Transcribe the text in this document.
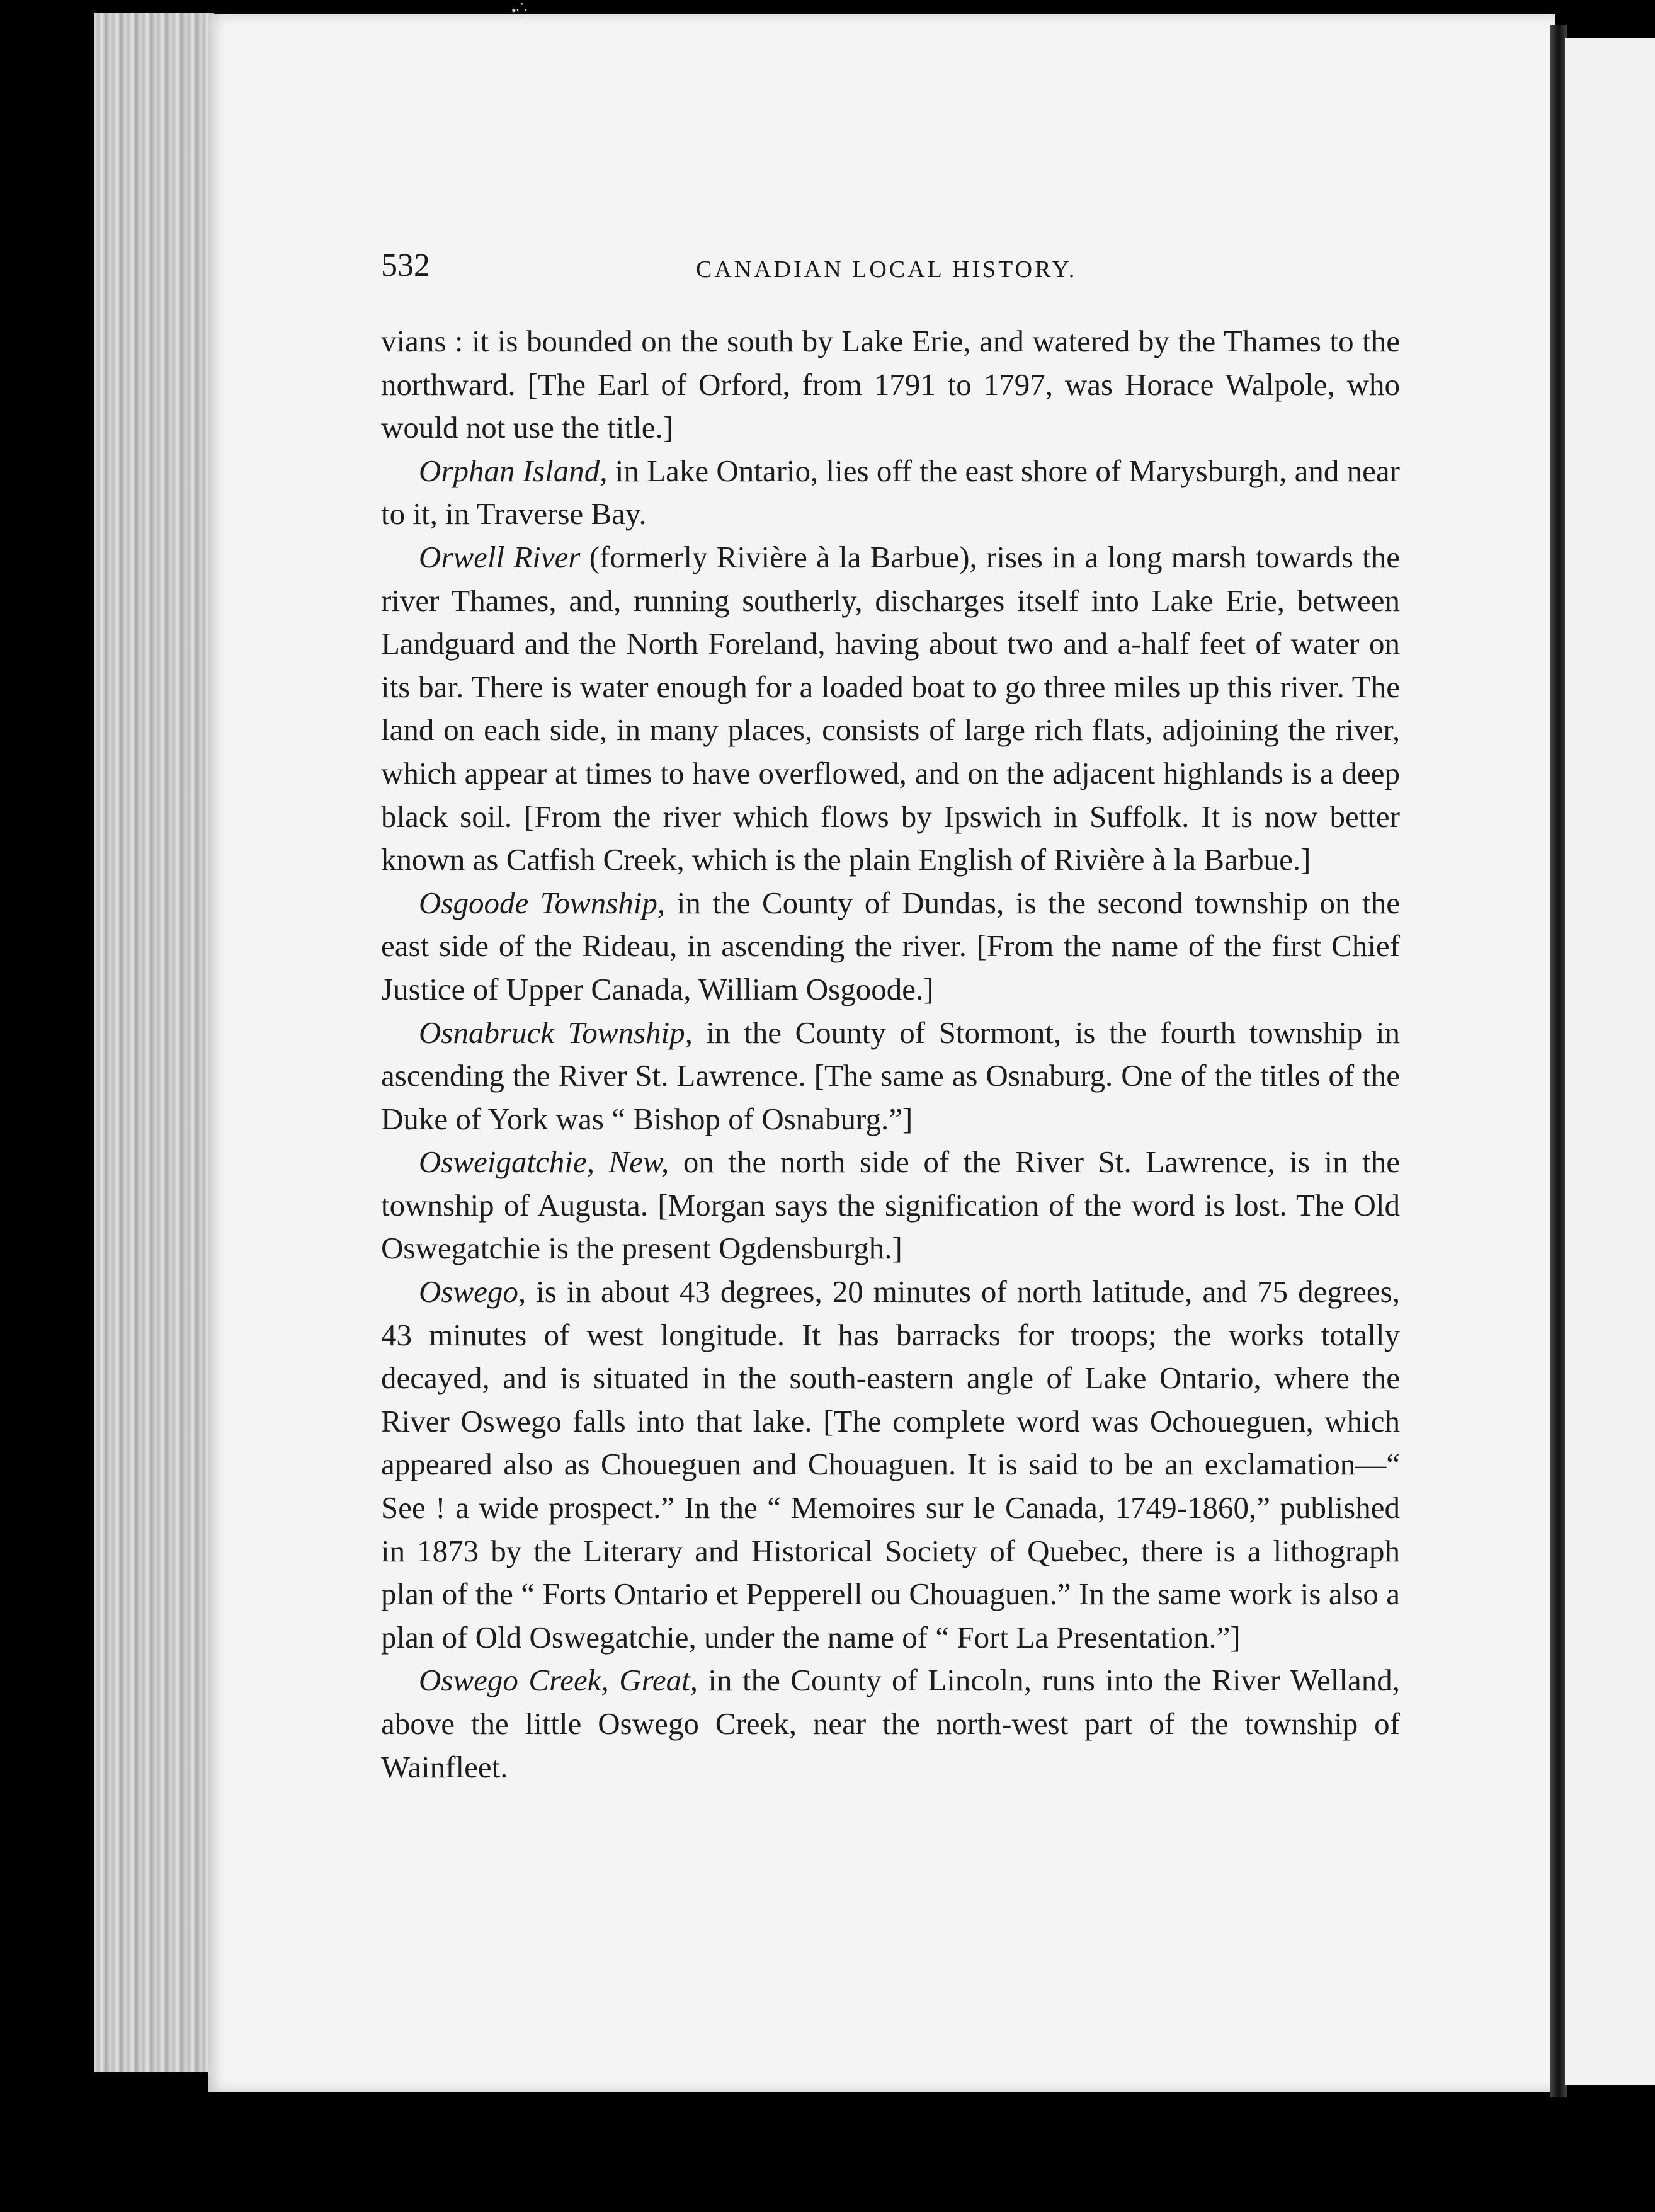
•⁛
532	CANADIAN LOCAL HISTORY.

vians : it is bounded on the south by Lake Erie, and watered by the Thames to the northward. [The Earl of Orford, from 1791 to 1797, was Horace Walpole, who would not use the title.]

Orphan Island, in Lake Ontario, lies off the east shore of Marysburgh, and near to it, in Traverse Bay.

Orwell River (formerly Rivière à la Barbue), rises in a long marsh towards the river Thames, and, running southerly, discharges itself into Lake Erie, between Landguard and the North Foreland, having about two and a-half feet of water on its bar. There is water enough for a loaded boat to go three miles up this river. The land on each side, in many places, consists of large rich flats, adjoining the river, which appear at times to have overflowed, and on the adjacent highlands is a deep black soil. [From the river which flows by Ipswich in Suffolk. It is now better known as Catfish Creek, which is the plain English of Rivière à la Barbue.]

Osgoode Township, in the County of Dundas, is the second township on the east side of the Rideau, in ascending the river. [From the name of the first Chief Justice of Upper Canada, William Osgoode.]

Osnabruck Township, in the County of Stormont, is the fourth township in ascending the River St. Lawrence. [The same as Osnaburg. One of the titles of the Duke of York was “ Bishop of Osnaburg.”]

Osweigatchie, New, on the north side of the River St. Lawrence, is in the township of Augusta. [Morgan says the signification of the word is lost. The Old Oswegatchie is the present Ogdensburgh.]

Oswego, is in about 43 degrees, 20 minutes of north latitude, and 75 degrees, 43 minutes of west longitude. It has barracks for troops; the works totally decayed, and is situated in the south-eastern angle of Lake Ontario, where the River Oswego falls into that lake. [The complete word was Ochoueguen, which appeared also as Choueguen and Chouaguen. It is said to be an exclamation—“ See ! a wide prospect.” In the “ Memoires sur le Canada, 1749-1860,” published in 1873 by the Literary and Historical Society of Quebec, there is a lithograph plan of the “ Forts Ontario et Pepperell ou Chouaguen.” In the same work is also a plan of Old Oswegatchie, under the name of “ Fort La Presentation.”]

Oswego Creek, Great, in the County of Lincoln, runs into the River Welland, above the little Oswego Creek, near the north-west part of the township of Wainfleet.
